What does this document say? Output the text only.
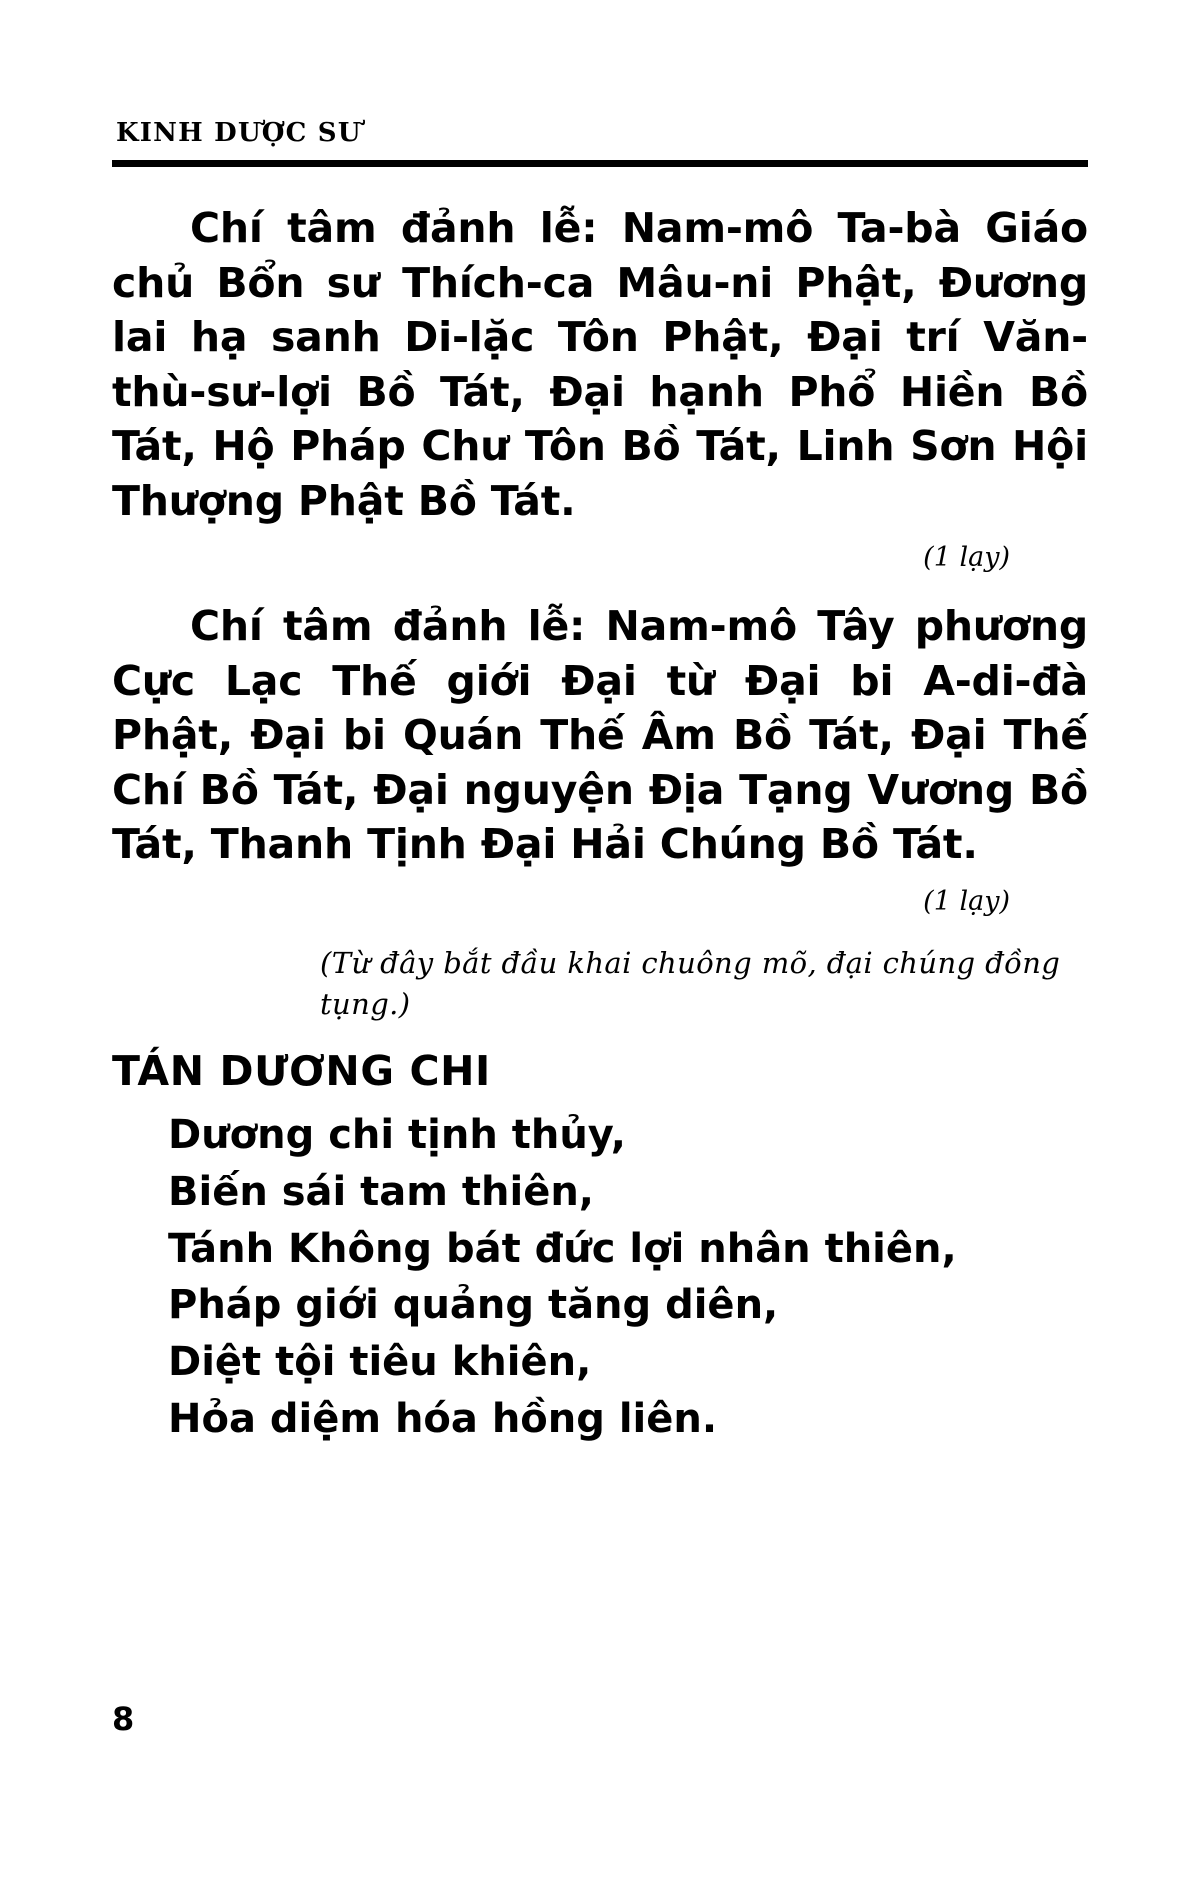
KINH DƯỢC SƯ

Chí tâm đảnh lễ: Nam-mô Ta-bà Giáo chủ Bổn sư Thích-ca Mâu-ni Phật, Đương lai hạ sanh Di-lặc Tôn Phật, Đại trí Văn-thù-sư-lợi Bồ Tát, Đại hạnh Phổ Hiền Bồ Tát, Hộ Pháp Chư Tôn Bồ Tát, Linh Sơn Hội Thượng Phật Bồ Tát.

(1 lạy)

Chí tâm đảnh lễ: Nam-mô Tây phương Cực Lạc Thế giới Đại từ Đại bi A-di-đà Phật, Đại bi Quán Thế Âm Bồ Tát, Đại Thế Chí Bồ Tát, Đại nguyện Địa Tạng Vương Bồ Tát, Thanh Tịnh Đại Hải Chúng Bồ Tát.

(1 lạy)
(Từ đây bắt đầu khai chuông mõ, đại chúng đồng tụng.)
TÁN DƯƠNG CHI
Dương chi tịnh thủy,
Biến sái tam thiên,
Tánh Không bát đức lợi nhân thiên,
Pháp giới quảng tăng diên,
Diệt tội tiêu khiên,
Hỏa diệm hóa hồng liên.
8
